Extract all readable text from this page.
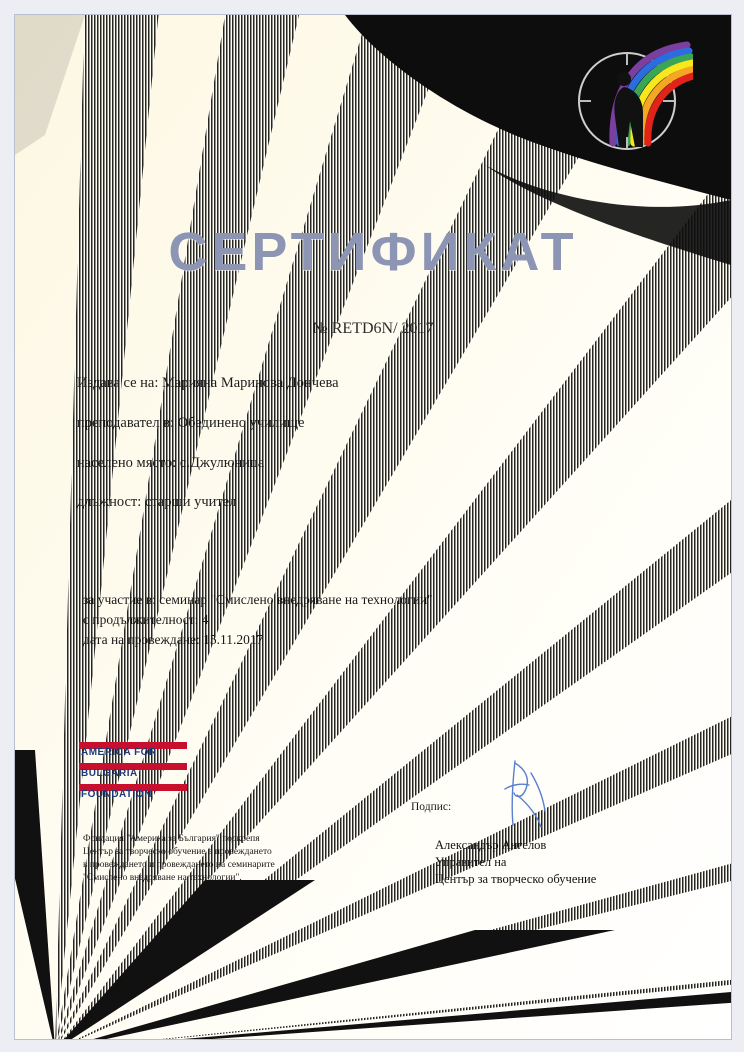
СЕРТИФИКАТ
№ RETD6N/ 2017
Издава се на: Марияна Маринова Дончева
преподавател в: Обединено училище
населено място: с.Джулюница
длъжност: старши учител
за участие в: семинар "Смислено внедряване на технологии"
с продължителност: 4
дата на провеждане: 15.11.2017
AMERICA FOR
BULGARIA
FOUNDATION
Фондация "Америка за България" подкрепя
Център за творческо обучение в провеждането
в провеждането и провеждането на семинарите
"Смислено внедряване на технологии".
Подпис:
Александър Ангелов
Управител на
Център за творческо обучение
